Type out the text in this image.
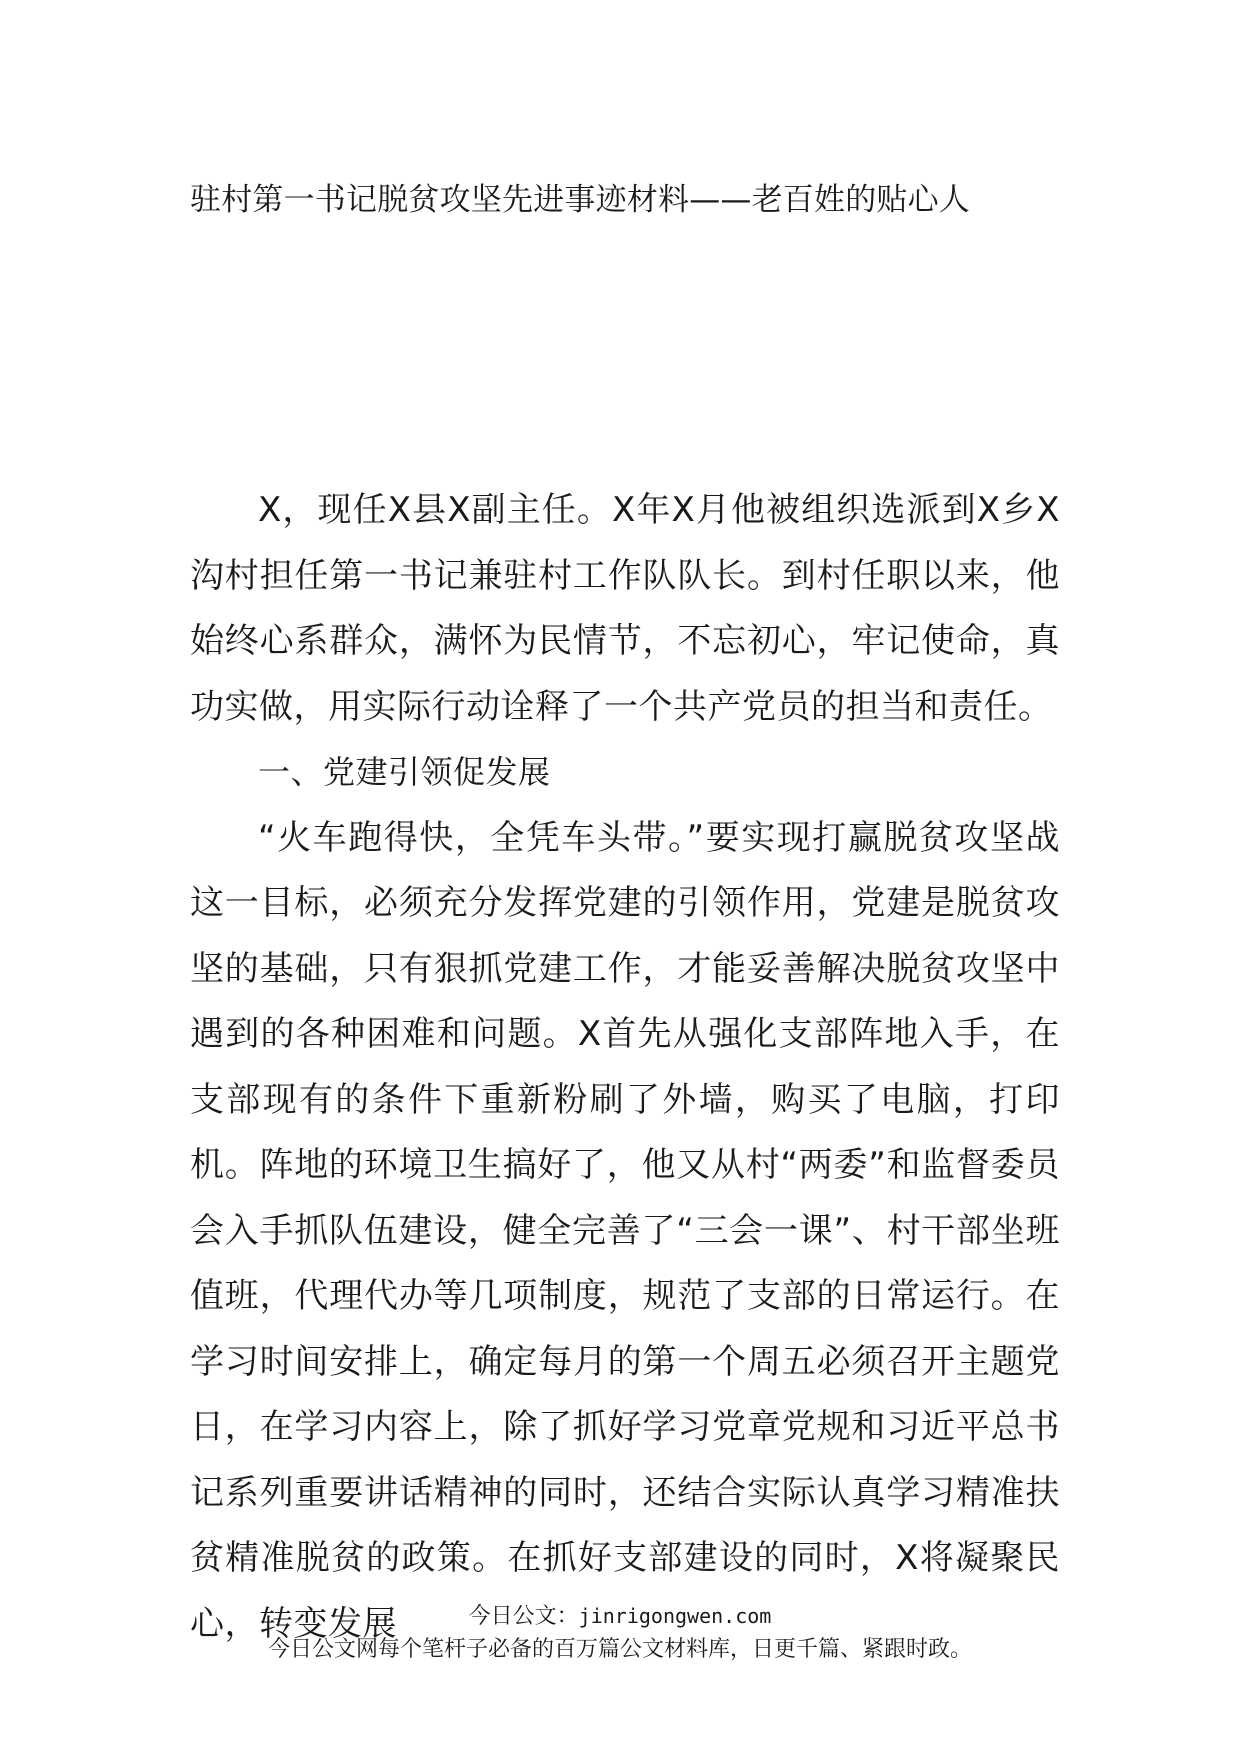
驻村第一书记脱贫攻坚先进事迹材料——老百姓的贴心人

X，现任X县X副主任。X年X月他被组织选派到X乡X沟村担任第一书记兼驻村工作队队长。到村任职以来，他始终心系群众，满怀为民情节，不忘初心，牢记使命，真功实做，用实际行动诠释了一个共产党员的担当和责任。

一、党建引领促发展

“火车跑得快，全凭车头带。”要实现打赢脱贫攻坚战这一目标，必须充分发挥党建的引领作用，党建是脱贫攻坚的基础，只有狠抓党建工作，才能妥善解决脱贫攻坚中遇到的各种困难和问题。X首先从强化支部阵地入手，在支部现有的条件下重新粉刷了外墙，购买了电脑，打印机。阵地的环境卫生搞好了，他又从村“两委”和监督委员会入手抓队伍建设，健全完善了“三会一课”、村干部坐班值班，代理代办等几项制度，规范了支部的日常运行。在学习时间安排上，确定每月的第一个周五必须召开主题党日，在学习内容上，除了抓好学习党章党规和习近平总书记系列重要讲话精神的同时，还结合实际认真学习精准扶贫精准脱贫的政策。在抓好支部建设的同时，X将凝聚民心，转变发展	今日公文：jinrigongwen.com
今日公文网每个笔杆子必备的百万篇公文材料库，日更千篇、紧跟时政。
